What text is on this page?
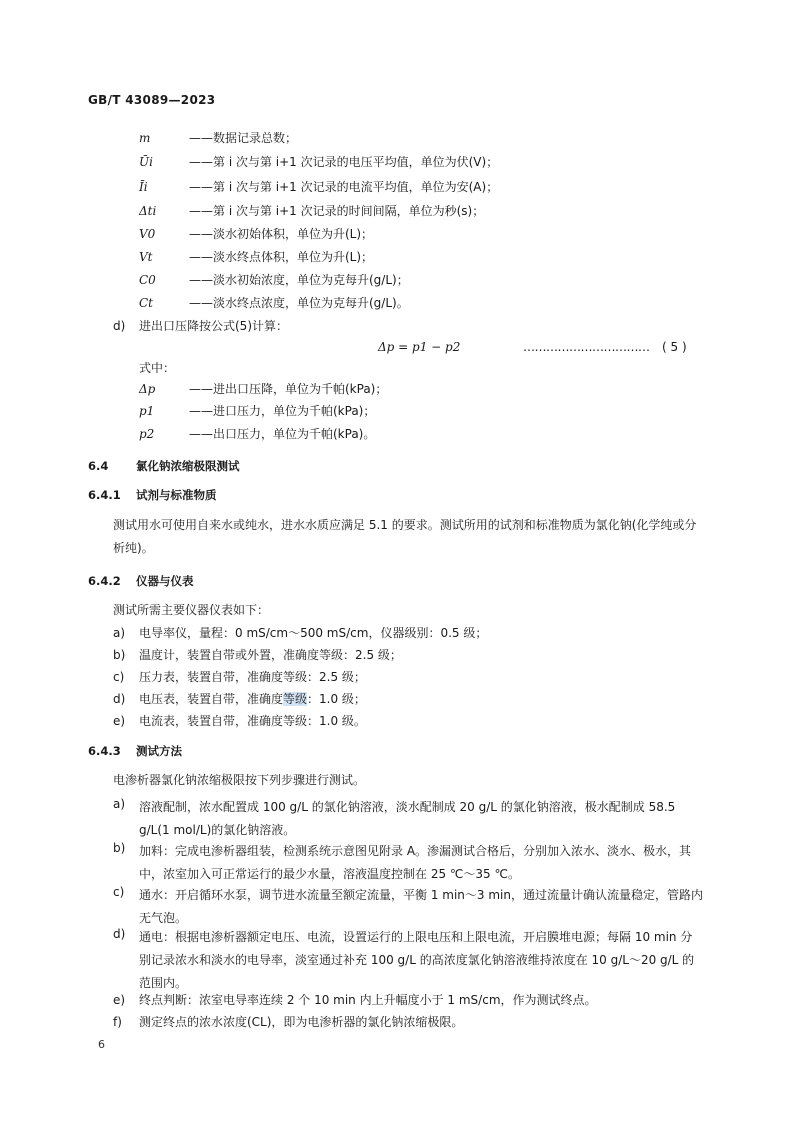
GB/T 43089—2023
m	——数据记录总数；
Ūi	——第 i 次与第 i+1 次记录的电压平均值，单位为伏(V)；
Īi	——第 i 次与第 i+1 次记录的电流平均值，单位为安(A)；
Δti	——第 i 次与第 i+1 次记录的时间间隔，单位为秒(s)；
V0	——淡水初始体积，单位为升(L)；
Vt	——淡水终点体积，单位为升(L)；
C0	——淡水初始浓度，单位为克每升(g/L)；
Ct	——淡水终点浓度，单位为克每升(g/L)。
d) 进出口压降按公式(5)计算：
Δp = p1 − p2	…………………………… ( 5 )
式中：
Δp	——进出口压降，单位为千帕(kPa)；
p1	——进口压力，单位为千帕(kPa)；
p2	——出口压力，单位为千帕(kPa)。
6.4 氯化钠浓缩极限测试
6.4.1 试剂与标准物质
测试用水可使用自来水或纯水，进水水质应满足 5.1 的要求。测试所用的试剂和标准物质为氯化钠(化学纯或分析纯)。
6.4.2 仪器与仪表
测试所需主要仪器仪表如下：
a) 电导率仪，量程：0 mS/cm～500 mS/cm，仪器级别：0.5 级；
b) 温度计，装置自带或外置，准确度等级：2.5 级；
c) 压力表，装置自带，准确度等级：2.5 级；
d) 电压表，装置自带，准确度等级：1.0 级；
e) 电流表，装置自带，准确度等级：1.0 级。
6.4.3 测试方法
电渗析器氯化钠浓缩极限按下列步骤进行测试。
a) 溶液配制，浓水配置成 100 g/L 的氯化钠溶液，淡水配制成 20 g/L 的氯化钠溶液，极水配制成 58.5 g/L(1 mol/L)的氯化钠溶液。
b) 加料：完成电渗析器组装，检测系统示意图见附录 A。渗漏测试合格后，分别加入浓水、淡水、极水，其中，浓室加入可正常运行的最少水量，溶液温度控制在 25 ℃～35 ℃。
c) 通水：开启循环水泵，调节进水流量至额定流量，平衡 1 min～3 min，通过流量计确认流量稳定，管路内无气泡。
d) 通电：根据电渗析器额定电压、电流，设置运行的上限电压和上限电流，开启膜堆电源；每隔 10 min 分别记录浓水和淡水的电导率，淡室通过补充 100 g/L 的高浓度氯化钠溶液维持浓度在 10 g/L～20 g/L 的范围内。
e) 终点判断：浓室电导率连续 2 个 10 min 内上升幅度小于 1 mS/cm，作为测试终点。
f) 测定终点的浓水浓度(CL)，即为电渗析器的氯化钠浓缩极限。
6
